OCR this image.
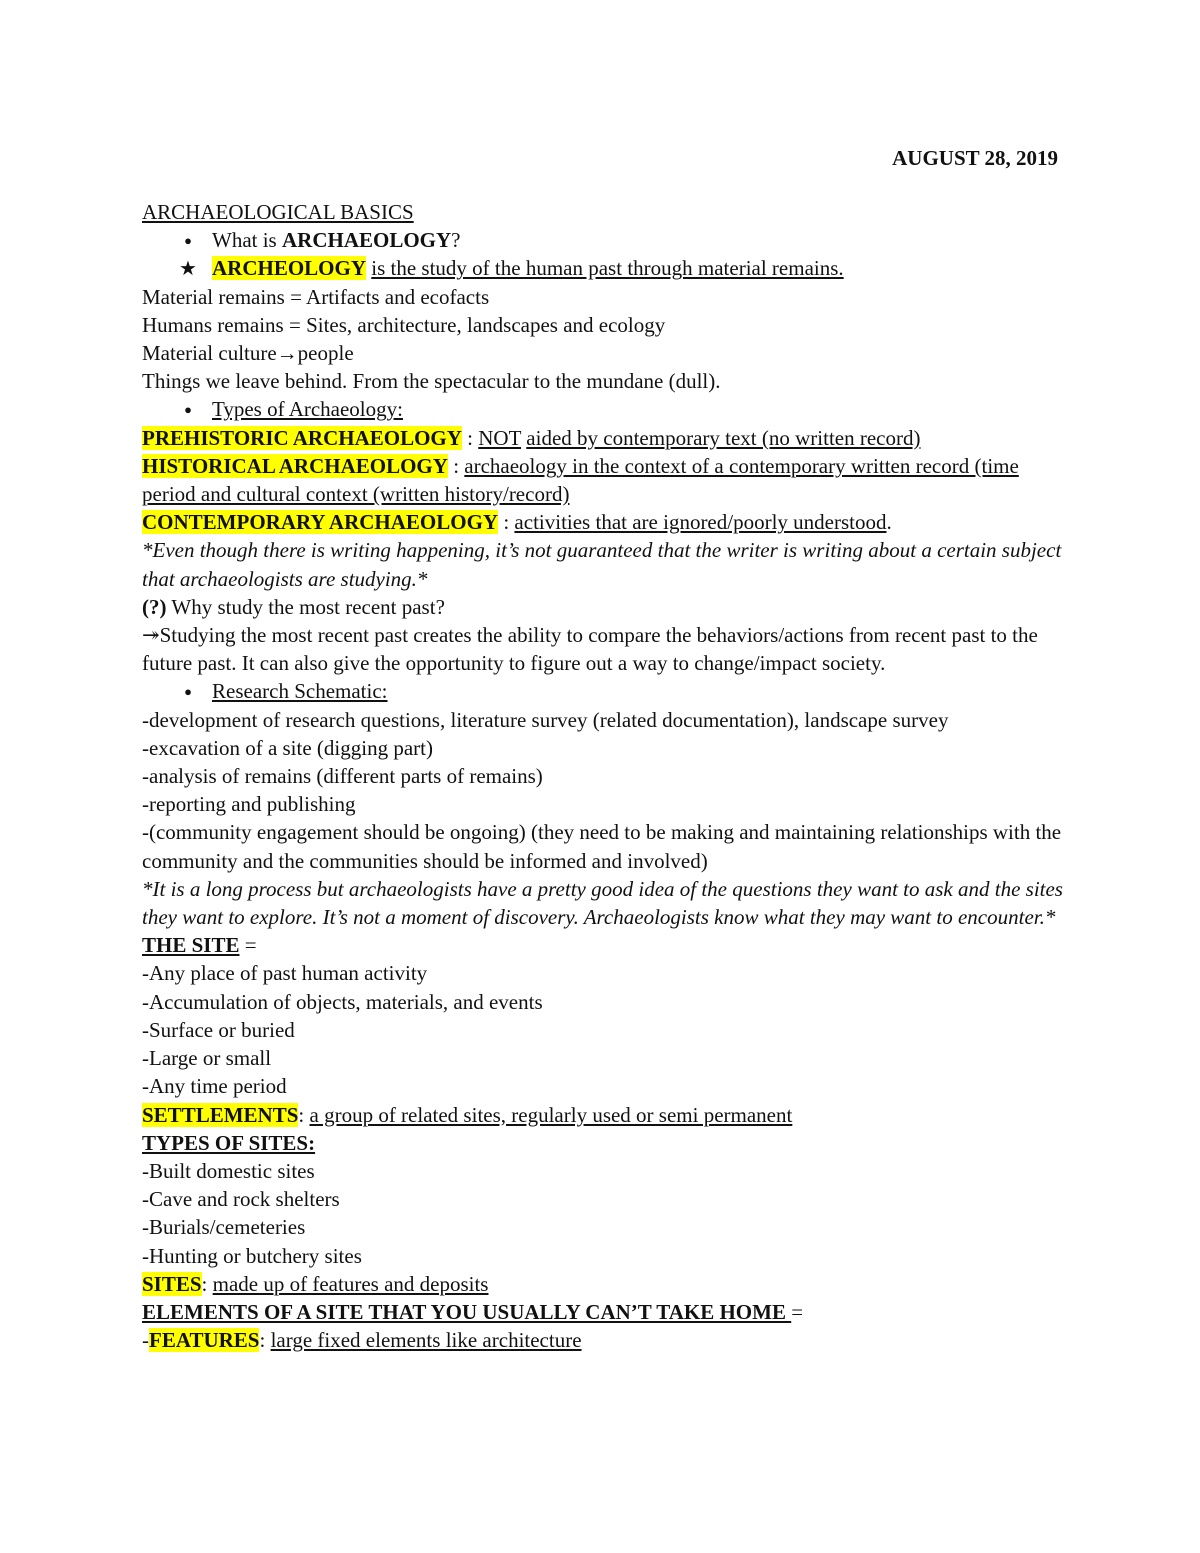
AUGUST 28, 2019
ARCHAEOLOGICAL BASICS
● What is ARCHAEOLOGY?
★ ARCHEOLOGY is the study of the human past through material remains.
Material remains = Artifacts and ecofacts
Humans remains = Sites, architecture, landscapes and ecology
Material culture→people
Things we leave behind. From the spectacular to the mundane (dull).
● Types of Archaeology:
PREHISTORIC ARCHAEOLOGY : NOT aided by contemporary text (no written record)
HISTORICAL ARCHAEOLOGY : archaeology in the context of a contemporary written record (time period and cultural context (written history/record)
CONTEMPORARY ARCHAEOLOGY : activities that are ignored/poorly understood.
*Even though there is writing happening, it’s not guaranteed that the writer is writing about a certain subject that archaeologists are studying.*
(?) Why study the most recent past?
↠Studying the most recent past creates the ability to compare the behaviors/actions from recent past to the future past. It can also give the opportunity to figure out a way to change/impact society.
● Research Schematic:
-development of research questions, literature survey (related documentation), landscape survey
-excavation of a site (digging part)
-analysis of remains (different parts of remains)
-reporting and publishing
-(community engagement should be ongoing) (they need to be making and maintaining relationships with the community and the communities should be informed and involved)
*It is a long process but archaeologists have a pretty good idea of the questions they want to ask and the sites they want to explore. It’s not a moment of discovery. Archaeologists know what they may want to encounter.*
THE SITE =
-Any place of past human activity
-Accumulation of objects, materials, and events
-Surface or buried
-Large or small
-Any time period
SETTLEMENTS: a group of related sites, regularly used or semi permanent
TYPES OF SITES:
-Built domestic sites
-Cave and rock shelters
-Burials/cemeteries
-Hunting or butchery sites
SITES: made up of features and deposits
ELEMENTS OF A SITE THAT YOU USUALLY CAN’T TAKE HOME =
-FEATURES: large fixed elements like architecture
